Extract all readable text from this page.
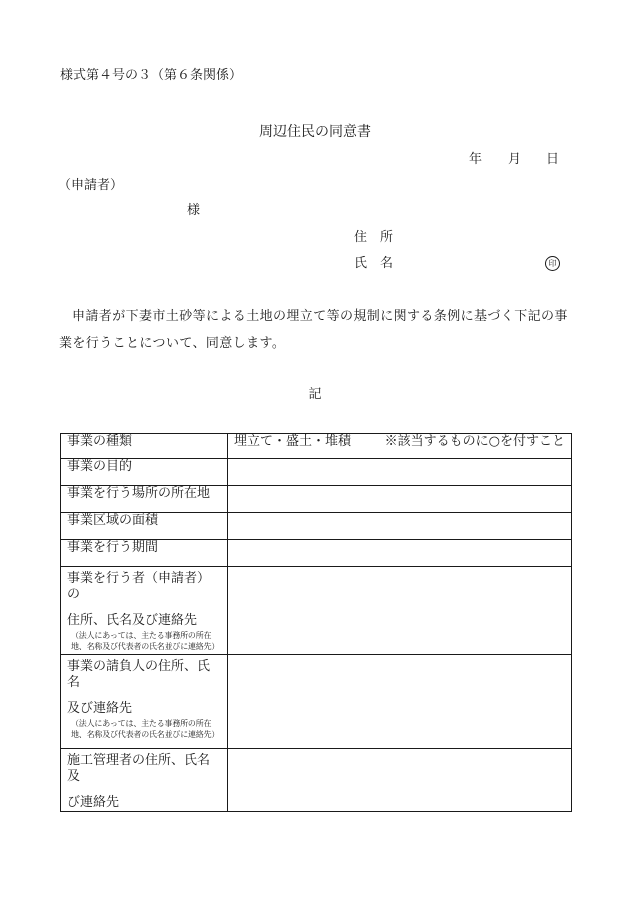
様式第４号の３（第６条関係）
周辺住民の同意書
年 月 日
（申請者）
様
住　所
氏　名	印
申請者が下妻市土砂等による土地の埋立て等の規制に関する条例に基づく下記の事業を行うことについて、同意します。
記
事業の種類	埋立て・盛土・堆積 ※該当するものに○を付すこと

事業の目的	
事業を行う場所の所在地	
事業区域の面積	
事業を行う期間	

事業を行う者（申請者）の
住所、氏名及び連絡先
（法人にあっては、主たる事務所の所在地、名称及び代表者の氏名並びに連絡先）	

事業の請負人の住所、氏名
及び連絡先
（法人にあっては、主たる事務所の所在地、名称及び代表者の氏名並びに連絡先）	

施工管理者の住所、氏名及
び連絡先	
